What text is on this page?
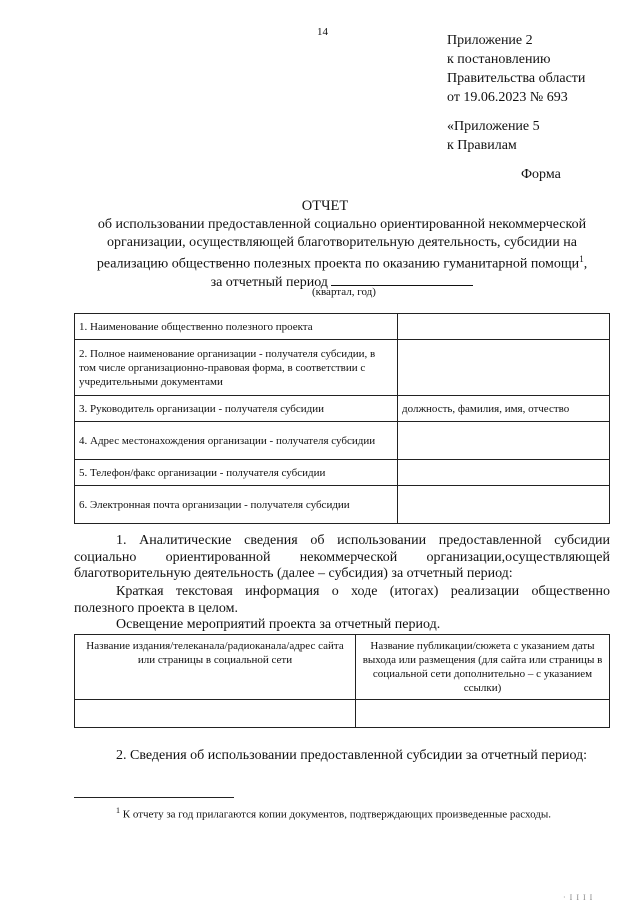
14
Приложение 2
к постановлению
Правительства области
от 19.06.2023 № 693
«Приложение 5
к Правилам
Форма
ОТЧЕТ
об использовании предоставленной социально ориентированной некоммерческой
организации, осуществляющей благотворительную деятельность, субсидии на
реализацию общественно полезных проекта по оказанию гуманитарной помощи$^1$,
за отчетный период
(квартал, год)
1. Наименование общественно полезного проекта	
2. Полное наименование организации - получателя субсидии, в том числе организационно-правовая форма, в соответствии с учредительными документами	
3. Руководитель организации - получателя субсидии	должность, фамилия, имя, отчество
4. Адрес местонахождения организации - получателя субсидии	
5. Телефон/факс организации - получателя субсидии	
6. Электронная почта организации - получателя субсидии	
1. Аналитические сведения об использовании предоставленной субсидии социально ориентированной некоммерческой организации,осуществляющей благотворительную деятельность (далее – субсидия) за отчетный период:
Краткая текстовая информация о ходе (итогах) реализации общественно полезного проекта в целом.
Освещение мероприятий проекта за отчетный период.
Название издания/телеканала/радиоканала/адрес сайта или страницы в социальной сети	Название публикации/сюжета с указанием даты выхода или размещения (для сайта или страницы в социальной сети дополнительно – с указанием ссылки)

2. Сведения об использовании предоставленной субсидии за отчетный период:
$^1$ К отчету за год прилагаются копии документов, подтверждающих произведенные расходы.
· I I I I
